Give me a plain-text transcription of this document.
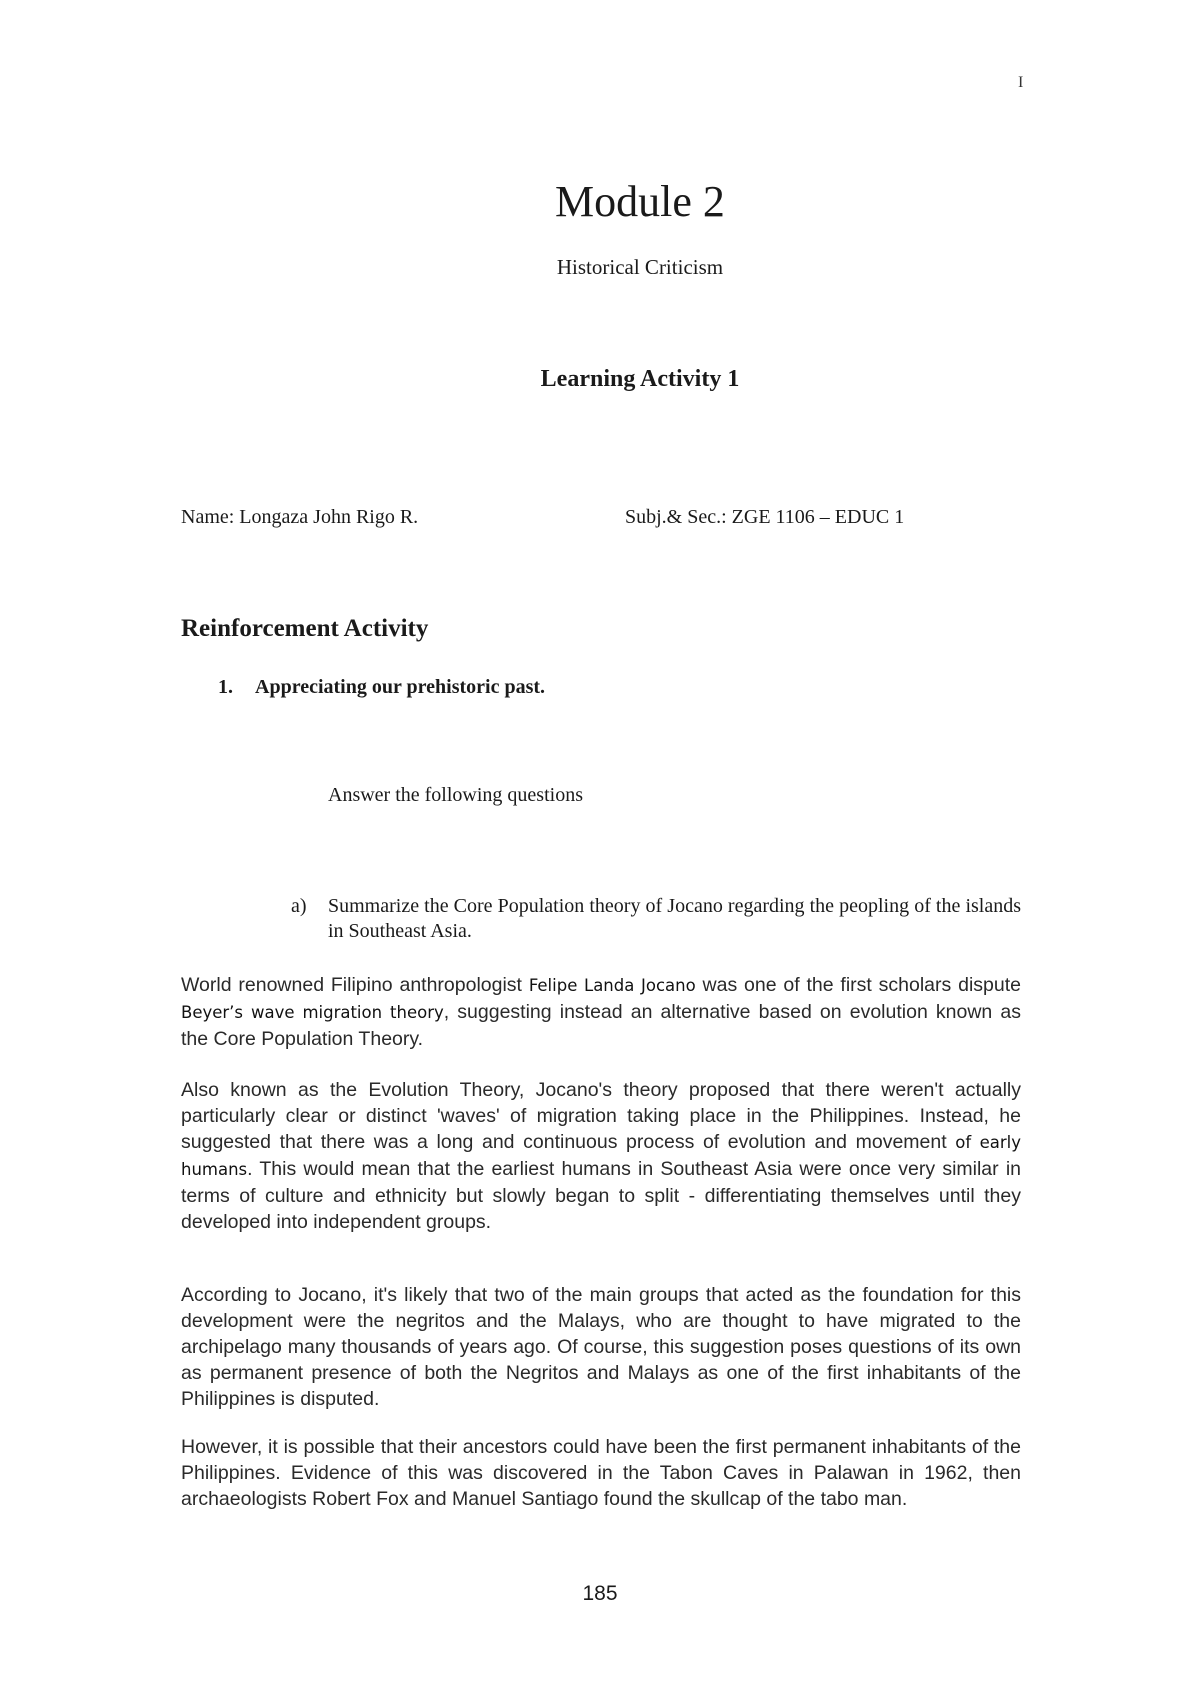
I
Module 2
Historical Criticism
Learning Activity 1
Name: Longaza John Rigo R.	Subj.& Sec.: ZGE 1106 – EDUC 1
Reinforcement Activity
1. Appreciating our prehistoric past.
Answer the following questions
a) Summarize the Core Population theory of Jocano regarding the peopling of the islands in Southeast Asia.
World renowned Filipino anthropologist Felipe Landa Jocano was one of the first scholars dispute Beyer’s wave migration theory, suggesting instead an alternative based on evolution known as the Core Population Theory.
Also known as the Evolution Theory, Jocano's theory proposed that there weren't actually particularly clear or distinct 'waves' of migration taking place in the Philippines. Instead, he suggested that there was a long and continuous process of evolution and movement of early humans. This would mean that the earliest humans in Southeast Asia were once very similar in terms of culture and ethnicity but slowly began to split - differentiating themselves until they developed into independent groups.
According to Jocano, it's likely that two of the main groups that acted as the foundation for this development were the negritos and the Malays, who are thought to have migrated to the archipelago many thousands of years ago. Of course, this suggestion poses questions of its own as permanent presence of both the Negritos and Malays as one of the first inhabitants of the Philippines is disputed.
However, it is possible that their ancestors could have been the first permanent inhabitants of the Philippines. Evidence of this was discovered in the Tabon Caves in Palawan in 1962, then archaeologists Robert Fox and Manuel Santiago found the skullcap of the tabo man.
185
